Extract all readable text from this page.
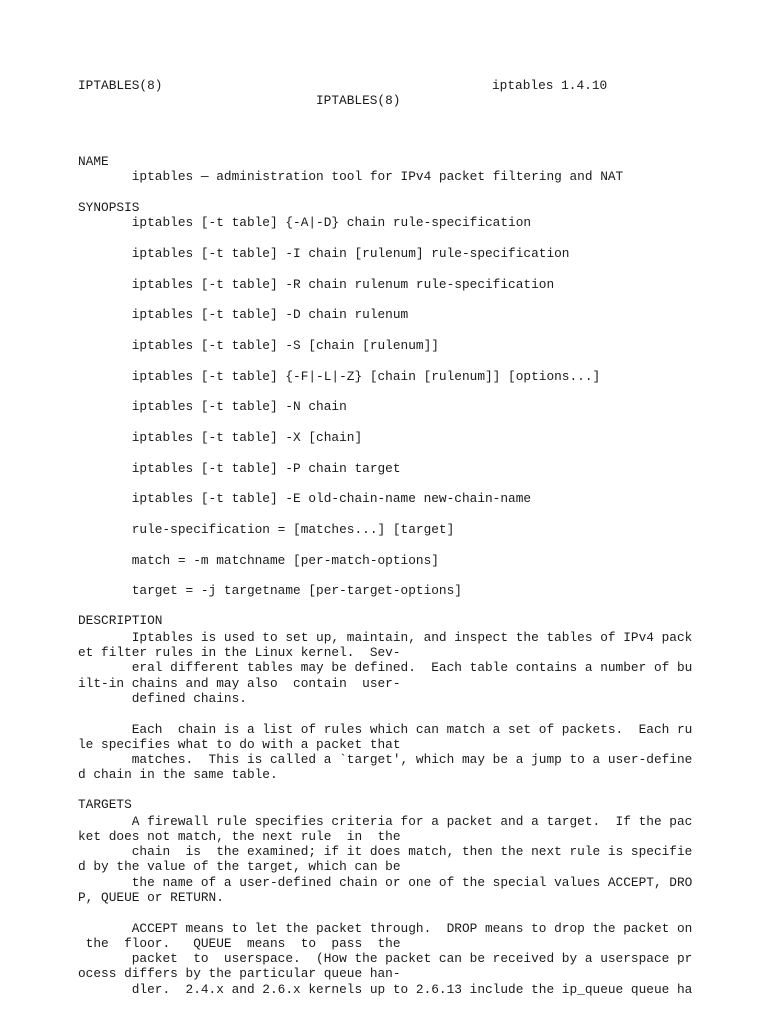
IPTABLES(8)	iptables 1.4.10
IPTABLES(8)
NAME
iptables — administration tool for IPv4 packet filtering and NAT
SYNOPSIS
iptables [-t table] {-A|-D} chain rule-specification
iptables [-t table] -I chain [rulenum] rule-specification
iptables [-t table] -R chain rulenum rule-specification
iptables [-t table] -D chain rulenum
iptables [-t table] -S [chain [rulenum]]
iptables [-t table] {-F|-L|-Z} [chain [rulenum]] [options...]
iptables [-t table] -N chain
iptables [-t table] -X [chain]
iptables [-t table] -P chain target
iptables [-t table] -E old-chain-name new-chain-name
rule-specification = [matches...] [target]
match = -m matchname [per-match-options]
target = -j targetname [per-target-options]
DESCRIPTION
Iptables is used to set up, maintain, and inspect the tables of IPv4 pack
et filter rules in the Linux kernel.  Sev-
eral different tables may be defined.  Each table contains a number of bu
ilt-in chains and may also  contain  user-
defined chains.
Each  chain is a list of rules which can match a set of packets.  Each ru
le specifies what to do with a packet that
matches.  This is called a `target', which may be a jump to a user-define
d chain in the same table.
TARGETS
A firewall rule specifies criteria for a packet and a target.  If the pac
ket does not match, the next rule  in  the
chain  is  the examined; if it does match, then the next rule is specifie
d by the value of the target, which can be
the name of a user-defined chain or one of the special values ACCEPT, DRO
P, QUEUE or RETURN.
ACCEPT means to let the packet through.  DROP means to drop the packet on
the  floor.   QUEUE  means  to  pass  the
packet  to  userspace.  (How the packet can be received by a userspace pr
ocess differs by the particular queue han-
dler.  2.4.x and 2.6.x kernels up to 2.6.13 include the ip_queue queue ha
